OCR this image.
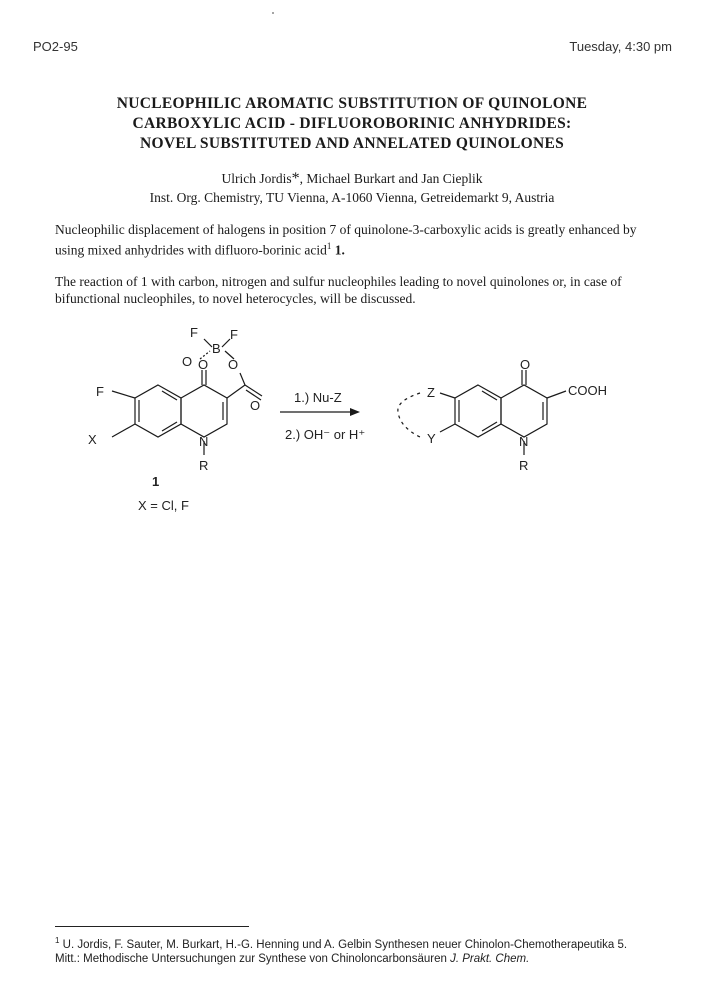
PO2-95	Tuesday, 4:30 pm
NUCLEOPHILIC AROMATIC SUBSTITUTION OF QUINOLONE
CARBOXYLIC ACID - DIFLUOROBORINIC ANHYDRIDES:
NOVEL SUBSTITUTED AND ANNELATED QUINOLONES
Ulrich Jordis*, Michael Burkart and Jan Cieplik
Inst. Org. Chemistry, TU Vienna, A-1060 Vienna, Getreidemarkt 9, Austria
Nucleophilic displacement of halogens in position 7 of quinolone-3-carboxylic acids is greatly enhanced by using mixed anhydrides with difluoro-borinic acid$^1$ 1.
The reaction of 1 with carbon, nitrogen and sulfur nucleophiles leading to novel quinolones or, in case of bifunctional nucleophiles, to novel heterocycles, will be discussed.
F
X	N
R
O
O	O
O
B
F F
1
X = Cl, F
1.) Nu-Z
2.) OH⁻ or H⁺
Z
Y
O
COOH
N
R
$^1$ U. Jordis, F. Sauter, M. Burkart, H.-G. Henning und A. Gelbin Synthesen neuer Chinolon-Chemotherapeutika 5. Mitt.: Methodische Untersuchungen zur Synthese von Chinoloncarbonsäuren J. Prakt. Chem.
